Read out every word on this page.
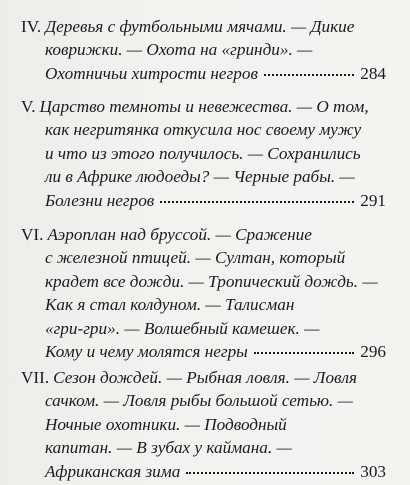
IV. Деревья с футбольными мячами. — Дикие
коврижки. — Охота на «гринди». —
Охотничьи хитрости негров	284
V. Царство темноты и невежества. — О том,
как негритянка откусила нос своему мужу
и что из этого получилось. — Сохранились
ли в Африке людоеды? — Черные рабы. —
Болезни негров	291
VI. Аэроплан над бруссой. — Сражение
с железной птицей. — Султан, который
крадет все дожди. — Тропический дождь. —
Как я стал колдуном. — Талисман
«гри-гри». — Волшебный камешек. —
Кому и чему молятся негры	296
VII. Сезон дождей. — Рыбная ловля. — Ловля
сачком. — Ловля рыбы большой сетью. —
Ночные охотники. — Подводный
капитан. — В зубах у каймана. —
Африканская зима	303
